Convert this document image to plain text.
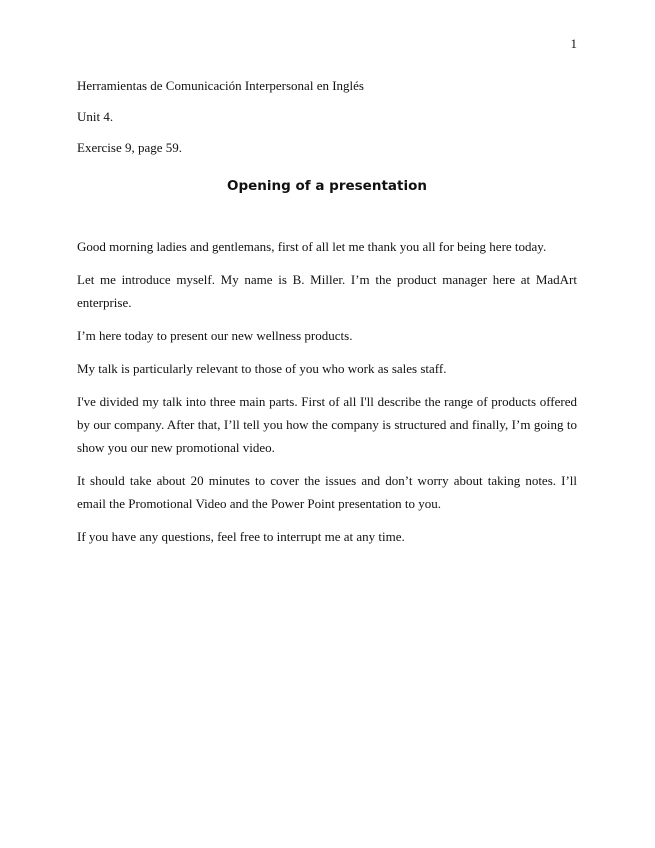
1

Herramientas de Comunicación Interpersonal en Inglés

Unit 4.

Exercise 9, page 59.

Opening of a presentation

Good morning ladies and gentlemans, first of all let me thank you all for being here today.

Let me introduce myself. My name is B. Miller. I’m the product manager here at MadArt enterprise.

I’m here today to present our new wellness products.

My talk is particularly relevant to those of you who work as sales staff.

I've divided my talk into three main parts. First of all I'll describe the range of products offered by our company. After that, I’ll tell you how the company is structured and finally, I’m going to show you our new promotional video.

It should take about 20 minutes to cover the issues and don’t worry about taking notes. I’ll email the Promotional Video and the Power Point presentation to you.

If you have any questions, feel free to interrupt me at any time.
